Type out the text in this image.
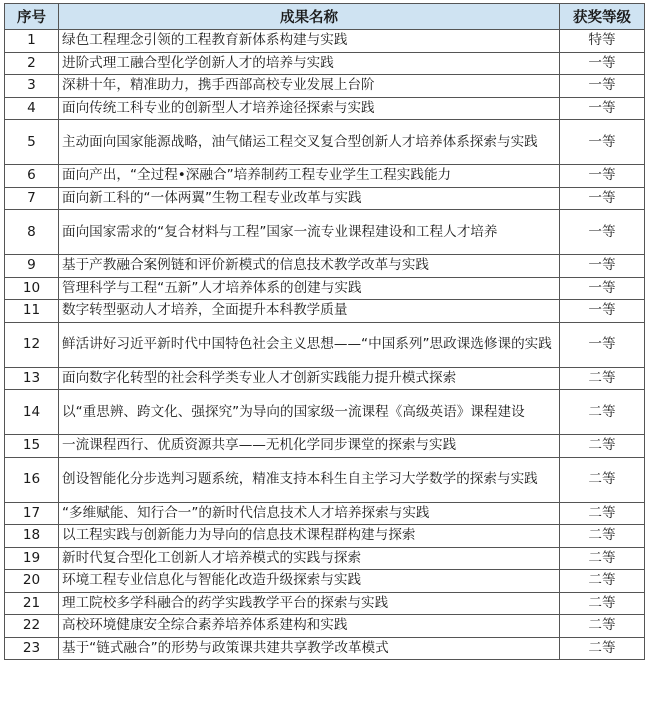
序号	成果名称	获奖等级
1	绿色工程理念引领的工程教育新体系构建与实践	特等
2	进阶式理工融合型化学创新人才的培养与实践	一等
3	深耕十年，精准助力，携手西部高校专业发展上台阶	一等
4	面向传统工科专业的创新型人才培养途径探索与实践	一等
5	主动面向国家能源战略，油气储运工程交叉复合型创新人才培养体系探索与实践	一等
6	面向产出，“全过程•深融合”培养制药工程专业学生工程实践能力	一等
7	面向新工科的“一体两翼”生物工程专业改革与实践	一等
8	面向国家需求的“复合材料与工程”国家一流专业课程建设和工程人才培养	一等
9	基于产教融合案例链和评价新模式的信息技术教学改革与实践	一等
10	管理科学与工程“五新”人才培养体系的创建与实践	一等
11	数字转型驱动人才培养，全面提升本科教学质量	一等
12	鲜活讲好习近平新时代中国特色社会主义思想——“中国系列”思政课选修课的实践	一等
13	面向数字化转型的社会科学类专业人才创新实践能力提升模式探索	二等
14	以“重思辨、跨文化、强探究”为导向的国家级一流课程《高级英语》课程建设	二等
15	一流课程西行、优质资源共享——无机化学同步课堂的探索与实践	二等
16	创设智能化分步选判习题系统，精准支持本科生自主学习大学数学的探索与实践	二等
17	“多维赋能、知行合一”的新时代信息技术人才培养探索与实践	二等
18	以工程实践与创新能力为导向的信息技术课程群构建与探索	二等
19	新时代复合型化工创新人才培养模式的实践与探索	二等
20	环境工程专业信息化与智能化改造升级探索与实践	二等
21	理工院校多学科融合的药学实践教学平台的探索与实践	二等
22	高校环境健康安全综合素养培养体系建构和实践	二等
23	基于“链式融合”的形势与政策课共建共享教学改革模式	二等
